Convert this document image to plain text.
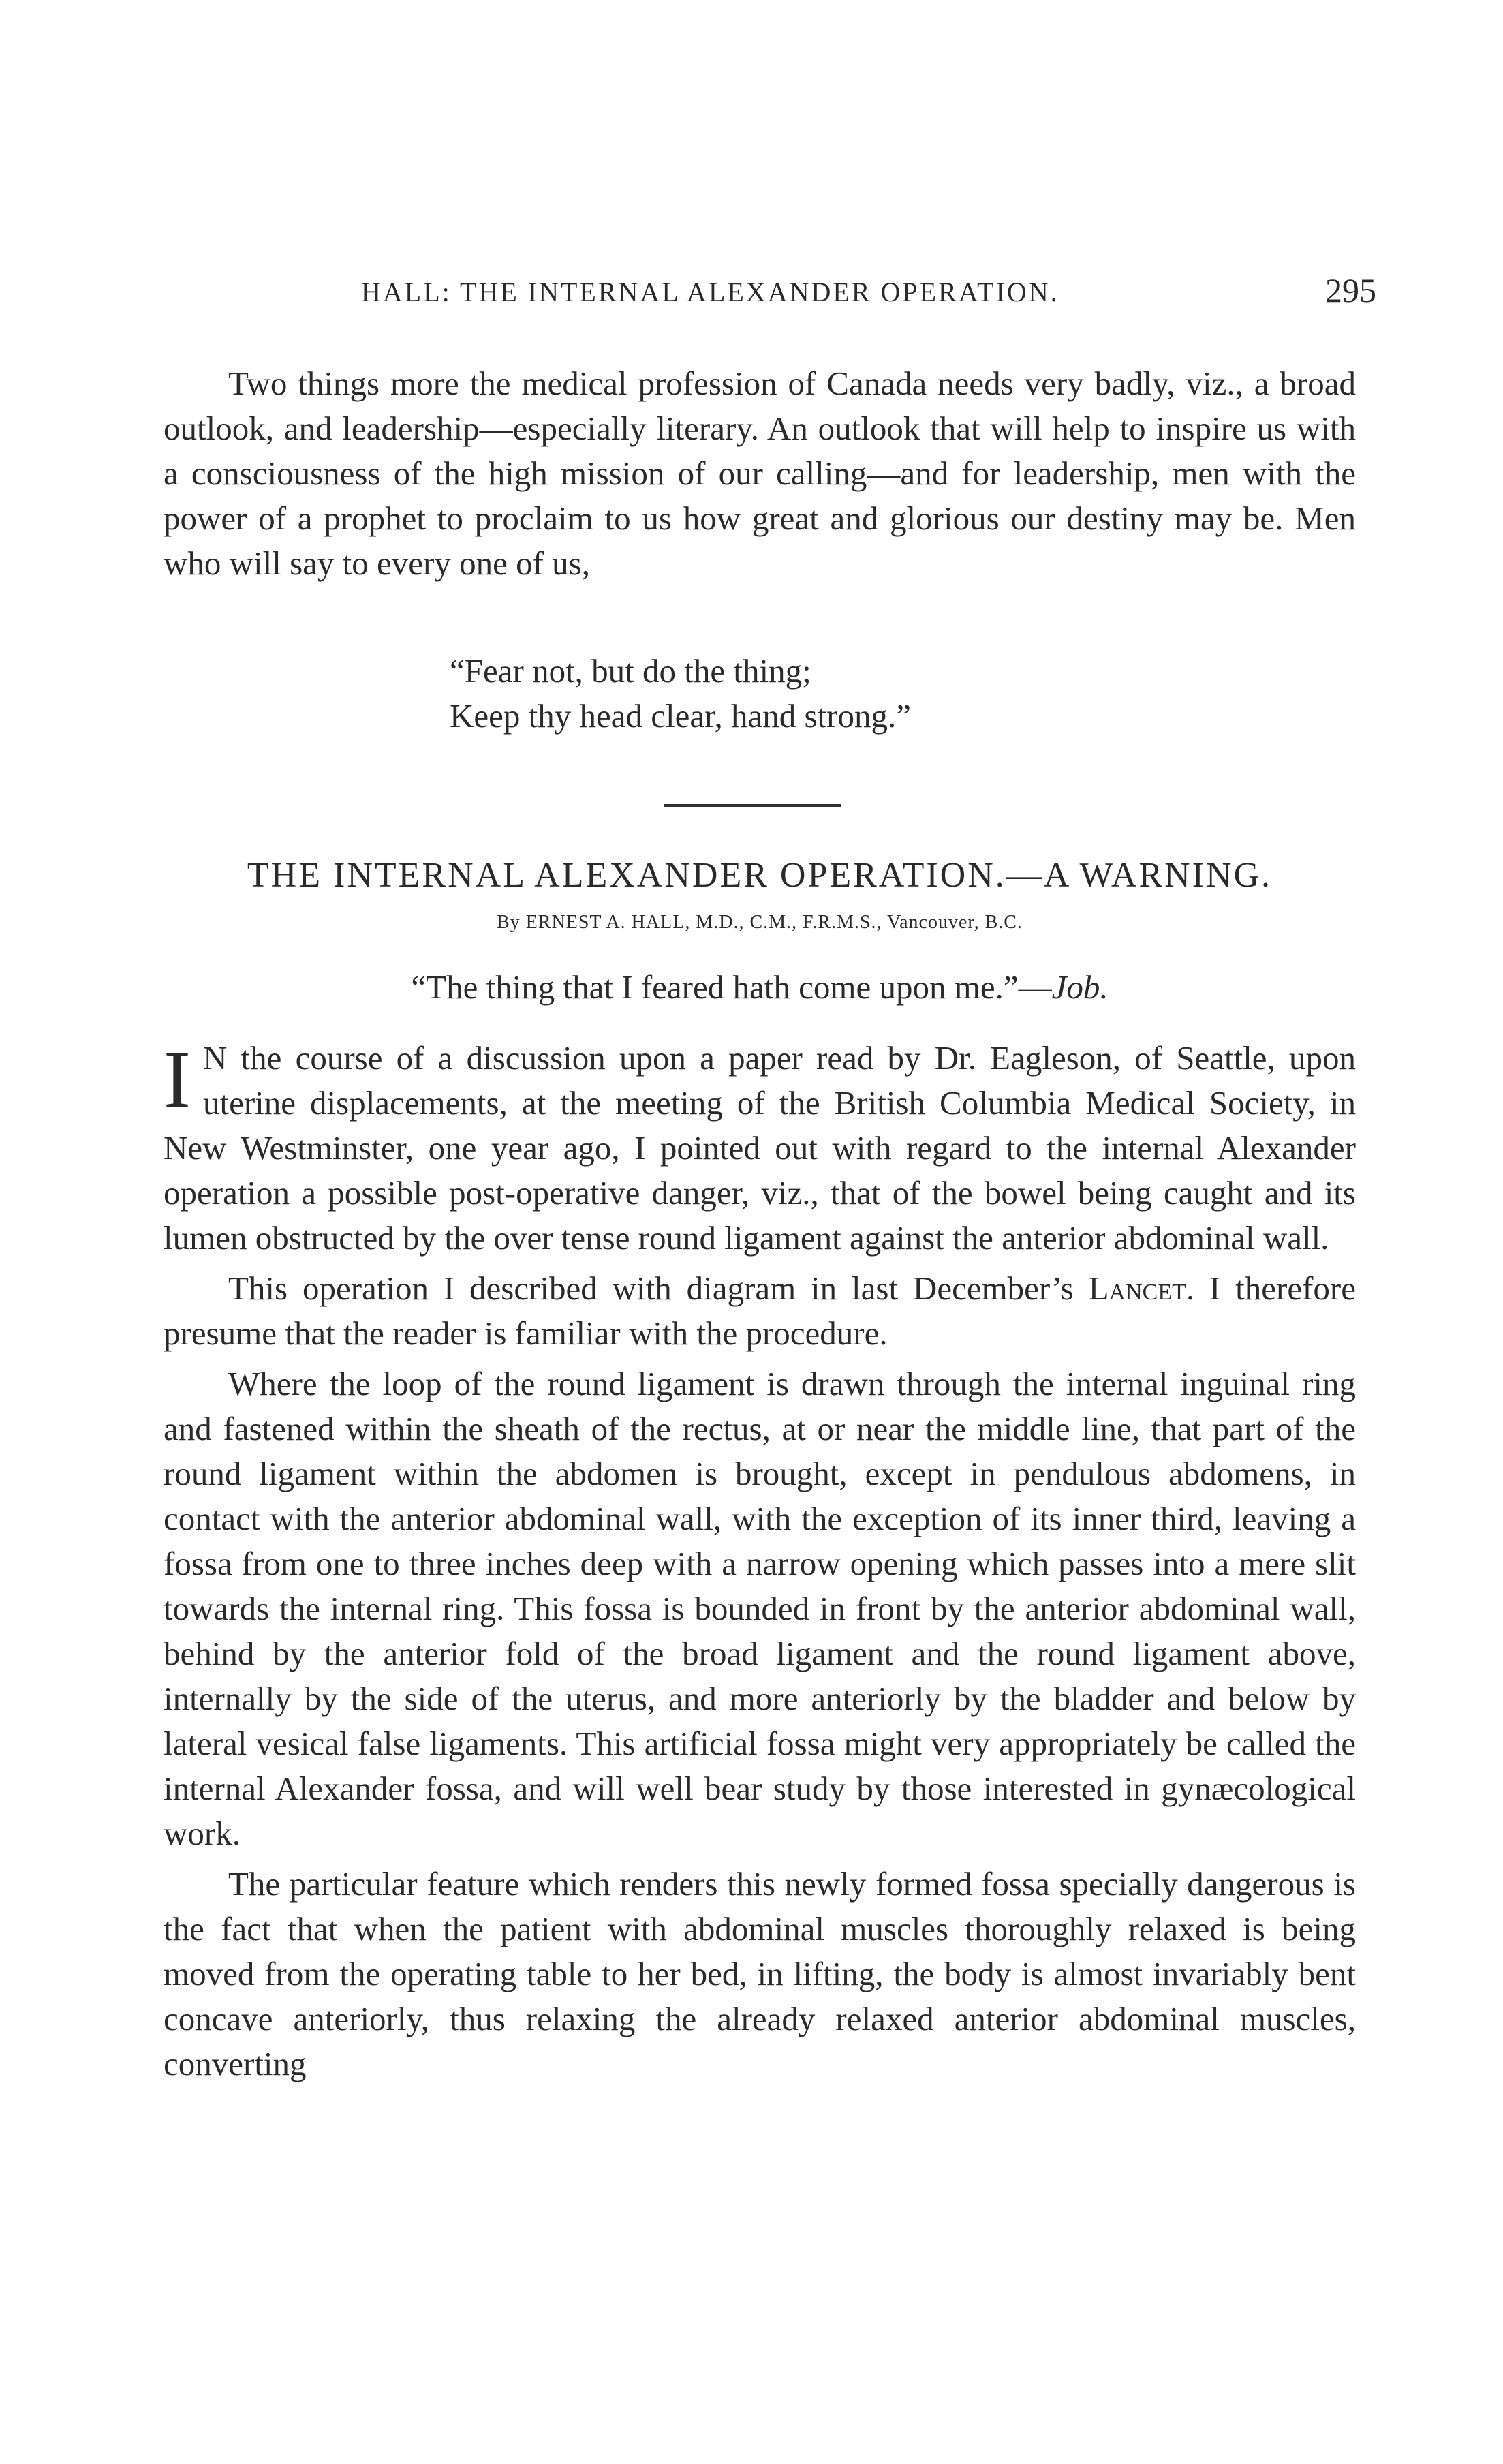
HALL: THE INTERNAL ALEXANDER OPERATION.	295

Two things more the medical profession of Canada needs very badly, viz., a broad outlook, and leadership—especially literary. An outlook that will help to inspire us with a consciousness of the high mission of our calling—and for leadership, men with the power of a prophet to proclaim to us how great and glorious our destiny may be. Men who will say to every one of us,

“Fear not, but do the thing;
Keep thy head clear, hand strong.”
THE INTERNAL ALEXANDER OPERATION.—A WARNING.
By ERNEST A. HALL, M.D., C.M., F.R.M.S., Vancouver, B.C.
“The thing that I feared hath come upon me.”—Job.

I N the course of a discussion upon a paper read by Dr. Eagleson, of Seattle, upon uterine displacements, at the meeting of the British Columbia Medical Society, in New Westminster, one year ago, I pointed out with regard to the internal Alexander operation a possible post-operative danger, viz., that of the bowel being caught and its lumen obstructed by the over tense round ligament against the anterior abdominal wall.

This operation I described with diagram in last December’s Lancet. I therefore presume that the reader is familiar with the procedure.

Where the loop of the round ligament is drawn through the internal inguinal ring and fastened within the sheath of the rectus, at or near the middle line, that part of the round ligament within the abdomen is brought, except in pendulous abdomens, in contact with the anterior abdominal wall, with the exception of its inner third, leaving a fossa from one to three inches deep with a narrow opening which passes into a mere slit towards the internal ring. This fossa is bounded in front by the anterior abdominal wall, behind by the anterior fold of the broad ligament and the round ligament above, internally by the side of the uterus, and more anteriorly by the bladder and below by lateral vesical false ligaments. This artificial fossa might very appropriately be called the internal Alexander fossa, and will well bear study by those interested in gynæcological work.

The particular feature which renders this newly formed fossa specially dangerous is the fact that when the patient with abdominal muscles thoroughly relaxed is being moved from the operating table to her bed, in lifting, the body is almost invariably bent concave anteriorly, thus relaxing the already relaxed anterior abdominal muscles, converting
